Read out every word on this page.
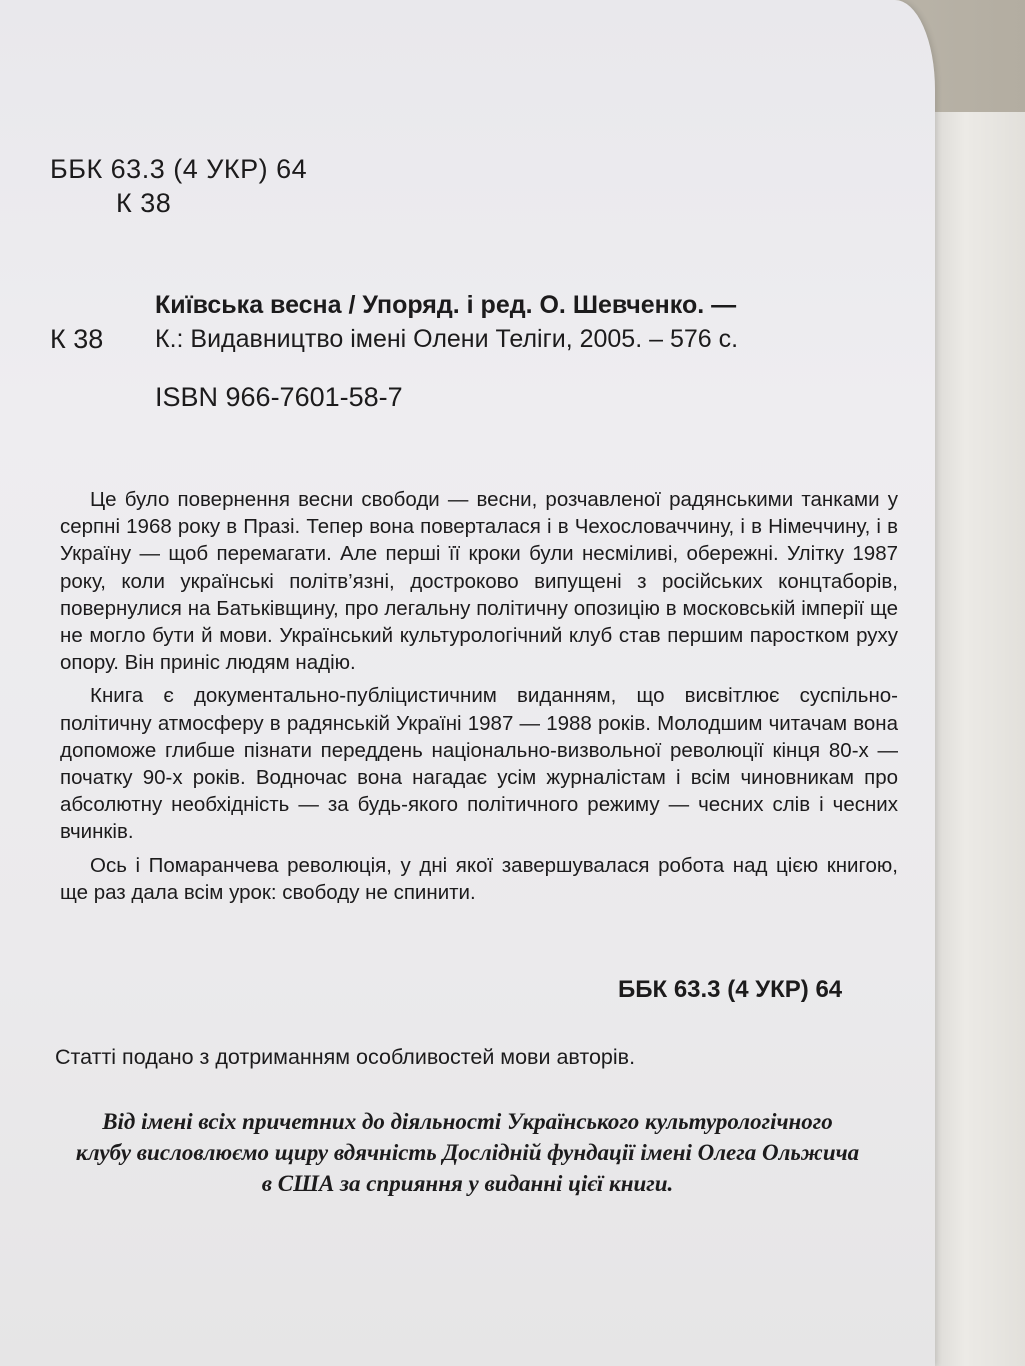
ББК 63.3 (4 УКР) 64
К 38
К 38
Київська весна / Упоряд. і ред. О. Шевченко. —
К.: Видавництво імені Олени Теліги, 2005. – 576 с.
ISBN 966-7601-58-7

Це було повернення весни свободи — весни, розчавленої радянськими танками у серпні 1968 року в Празі. Тепер вона поверталася і в Чехословаччину, і в Німеччину, і в Україну — щоб перемагати. Але перші її кроки були несміливі, обережні. Улітку 1987 року, коли українські політв’язні, достроково випущені з російських концтаборів, повернулися на Батьківщину, про легальну політичну опозицію в московській імперії ще не могло бути й мови. Український культурологічний клуб став першим паростком руху опору. Він приніс людям надію.

Книга є документально-публіцистичним виданням, що висвітлює суспільно-політичну атмосферу в радянській Україні 1987 — 1988 років. Молодшим читачам вона допоможе глибше пізнати переддень національно-визвольної революції кінця 80-х — початку 90-х років. Водночас вона нагадає усім журналістам і всім чиновникам про абсолютну необхідність — за будь-якого політичного режиму — чесних слів і чесних вчинків.

Ось і Помаранчева революція, у дні якої завершувалася робота над цією книгою, ще раз дала всім урок: свободу не спинити.

ББК 63.3 (4 УКР) 64
Статті подано з дотриманням особливостей мови авторів.
Від імені всіх причетних до діяльності Українського культурологічного
клубу висловлюємо щиру вдячність Дослідній фундації імені Олега Ольжича
в США за сприяння у виданні цієї книги.
